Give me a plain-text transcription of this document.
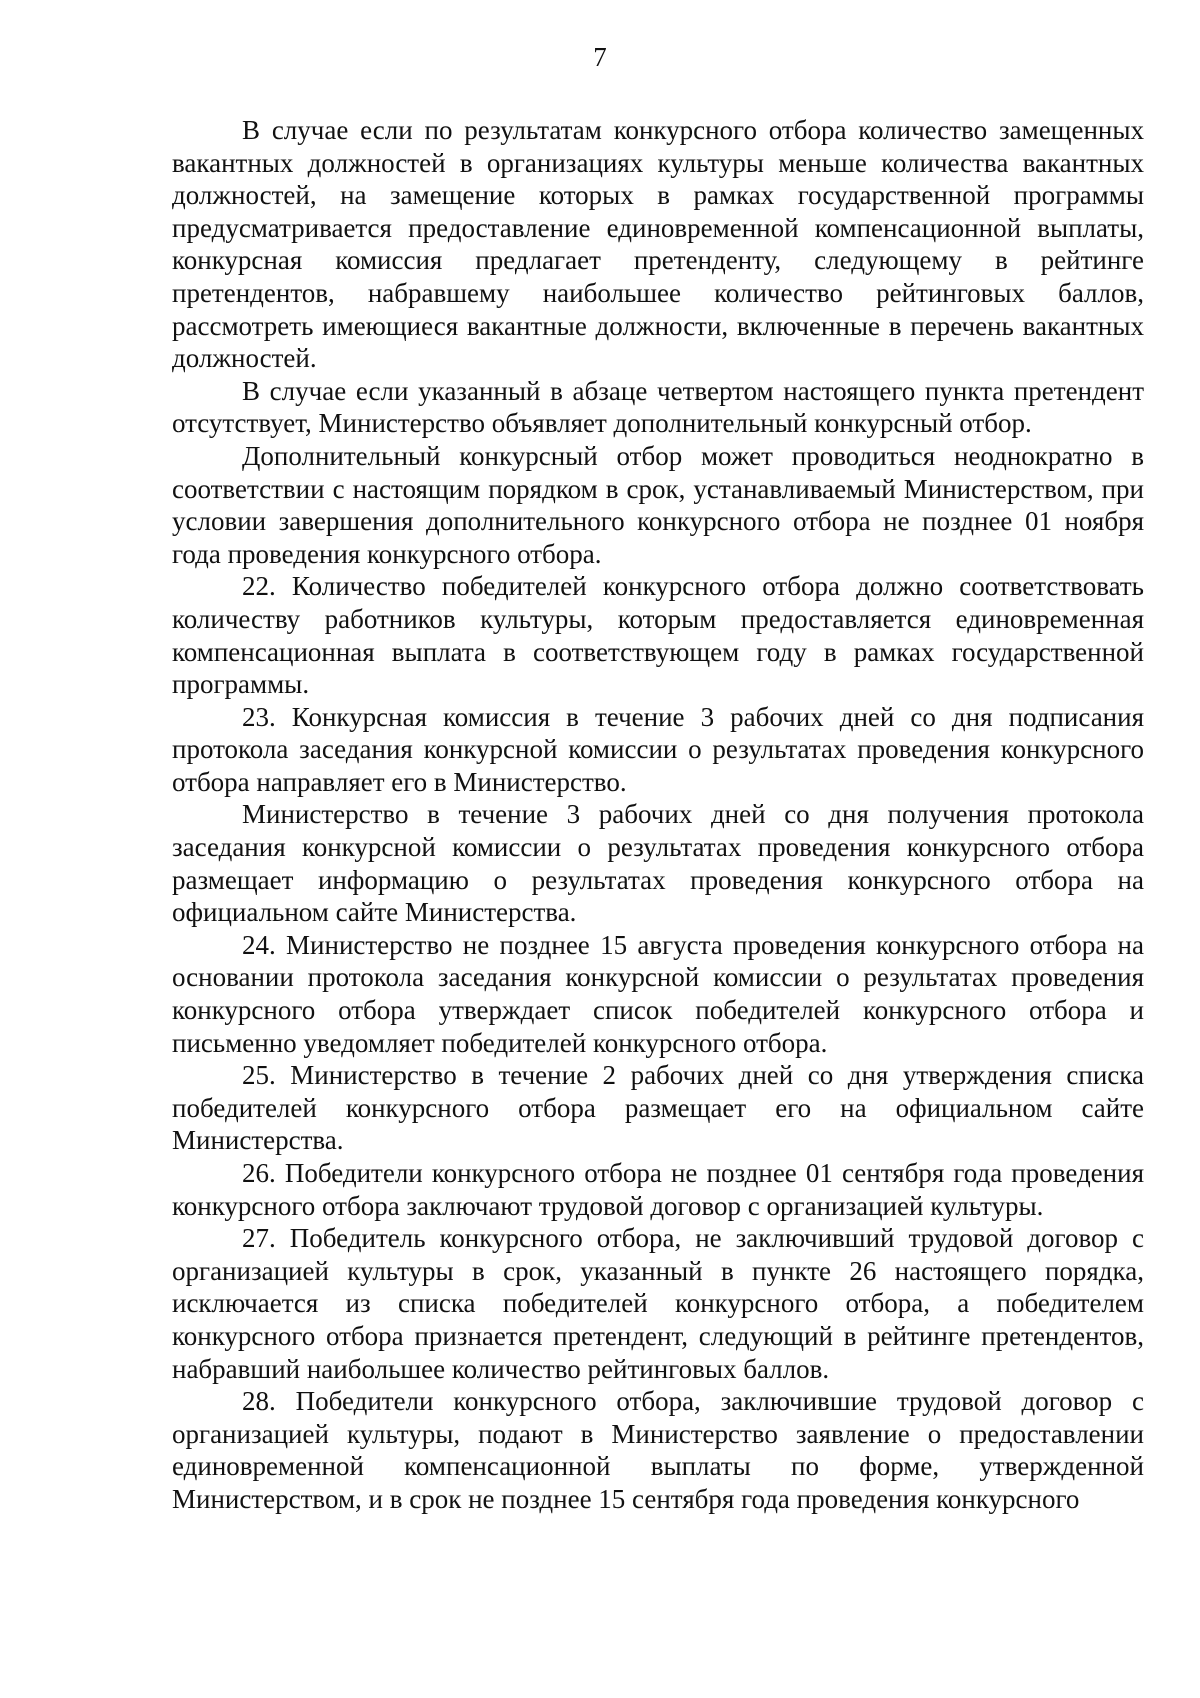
7

В случае если по результатам конкурсного отбора количество замещенных вакантных должностей в организациях культуры меньше количества вакантных должностей, на замещение которых в рамках государственной программы предусматривается предоставление единовременной компенсационной выплаты, конкурсная комиссия предлагает претенденту, следующему в рейтинге претендентов, набравшему наибольшее количество рейтинговых баллов, рассмотреть имеющиеся вакантные должности, включенные в перечень вакантных должностей.

В случае если указанный в абзаце четвертом настоящего пункта претендент отсутствует, Министерство объявляет дополнительный конкурсный отбор.

Дополнительный конкурсный отбор может проводиться неоднократно в соответствии с настоящим порядком в срок, устанавливаемый Министерством, при условии завершения дополнительного конкурсного отбора не позднее 01 ноября года проведения конкурсного отбора.

22. Количество победителей конкурсного отбора должно соответствовать количеству работников культуры, которым предоставляется единовременная компенсационная выплата в соответствующем году в рамках государственной программы.

23. Конкурсная комиссия в течение 3 рабочих дней со дня подписания протокола заседания конкурсной комиссии о результатах проведения конкурсного отбора направляет его в Министерство.

Министерство в течение 3 рабочих дней со дня получения протокола заседания конкурсной комиссии о результатах проведения конкурсного отбора размещает информацию о результатах проведения конкурсного отбора на официальном сайте Министерства.

24. Министерство не позднее 15 августа проведения конкурсного отбора на основании протокола заседания конкурсной комиссии о результатах проведения конкурсного отбора утверждает список победителей конкурсного отбора и письменно уведомляет победителей конкурсного отбора.

25. Министерство в течение 2 рабочих дней со дня утверждения списка победителей конкурсного отбора размещает его на официальном сайте Министерства.

26. Победители конкурсного отбора не позднее 01 сентября года проведения конкурсного отбора заключают трудовой договор с организацией культуры.

27. Победитель конкурсного отбора, не заключивший трудовой договор с организацией культуры в срок, указанный в пункте 26 настоящего порядка, исключается из списка победителей конкурсного отбора, а победителем конкурсного отбора признается претендент, следующий в рейтинге претендентов, набравший наибольшее количество рейтинговых баллов.

28. Победители конкурсного отбора, заключившие трудовой договор с организацией культуры, подают в Министерство заявление о предоставлении единовременной компенсационной выплаты по форме, утвержденной Министерством, и в срок не позднее 15 сентября года проведения конкурсного
